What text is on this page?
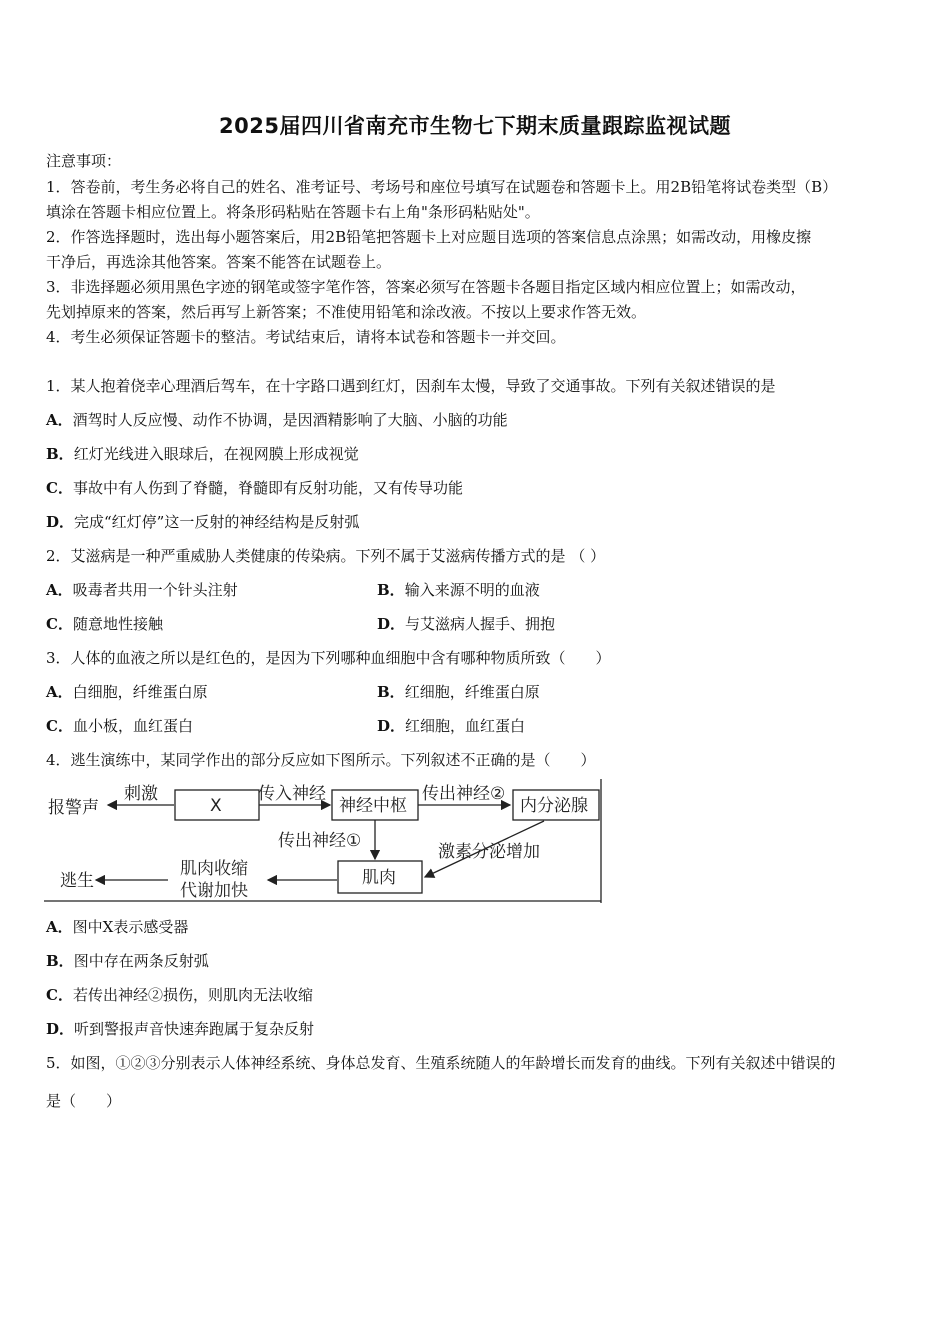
2025届四川省南充市生物七下期末质量跟踪监视试题
注意事项：
1．答卷前，考生务必将自己的姓名、准考证号、考场号和座位号填写在试题卷和答题卡上。用2B铅笔将试卷类型（B）
填涂在答题卡相应位置上。将条形码粘贴在答题卡右上角"条形码粘贴处"。
2．作答选择题时，选出每小题答案后，用2B铅笔把答题卡上对应题目选项的答案信息点涂黑；如需改动，用橡皮擦
干净后，再选涂其他答案。答案不能答在试题卷上。
3．非选择题必须用黑色字迹的钢笔或签字笔作答，答案必须写在答题卡各题目指定区域内相应位置上；如需改动，
先划掉原来的答案，然后再写上新答案；不准使用铅笔和涂改液。不按以上要求作答无效。
4．考生必须保证答题卡的整洁。考试结束后，请将本试卷和答题卡一并交回。
1．某人抱着侥幸心理酒后驾车，在十字路口遇到红灯，因刹车太慢，导致了交通事故。下列有关叙述错误的是
A．酒驾时人反应慢、动作不协调，是因酒精影响了大脑、小脑的功能
B．红灯光线进入眼球后，在视网膜上形成视觉
C．事故中有人伤到了脊髓，脊髓即有反射功能，又有传导功能
D．完成“红灯停”这一反射的神经结构是反射弧
2．艾滋病是一种严重威胁人类健康的传染病。下列不属于艾滋病传播方式的是 （ ）
A．吸毒者共用一个针头注射	B．输入来源不明的血液
C．随意地性接触	D．与艾滋病人握手、拥抱
3．人体的血液之所以是红色的，是因为下列哪种血细胞中含有哪种物质所致（　　）
A．白细胞，纤维蛋白原	B．红细胞，纤维蛋白原
C．血小板，血红蛋白	D．红细胞，血红蛋白
4．逃生演练中，某同学作出的部分反应如下图所示。下列叙述不正确的是（　　）
刺激
报警声	X
传入神经
神经中枢
传出神经②
内分泌腺
传出神经①
激素分泌增加
肌肉
肌肉收缩
代谢加快
逃生
A．图中X表示感受器
B．图中存在两条反射弧
C．若传出神经②损伤，则肌肉无法收缩
D．听到警报声音快速奔跑属于复杂反射
5．如图，①②③分别表示人体神经系统、身体总发育、生殖系统随人的年龄增长而发育的曲线。下列有关叙述中错误的
是（　　）
